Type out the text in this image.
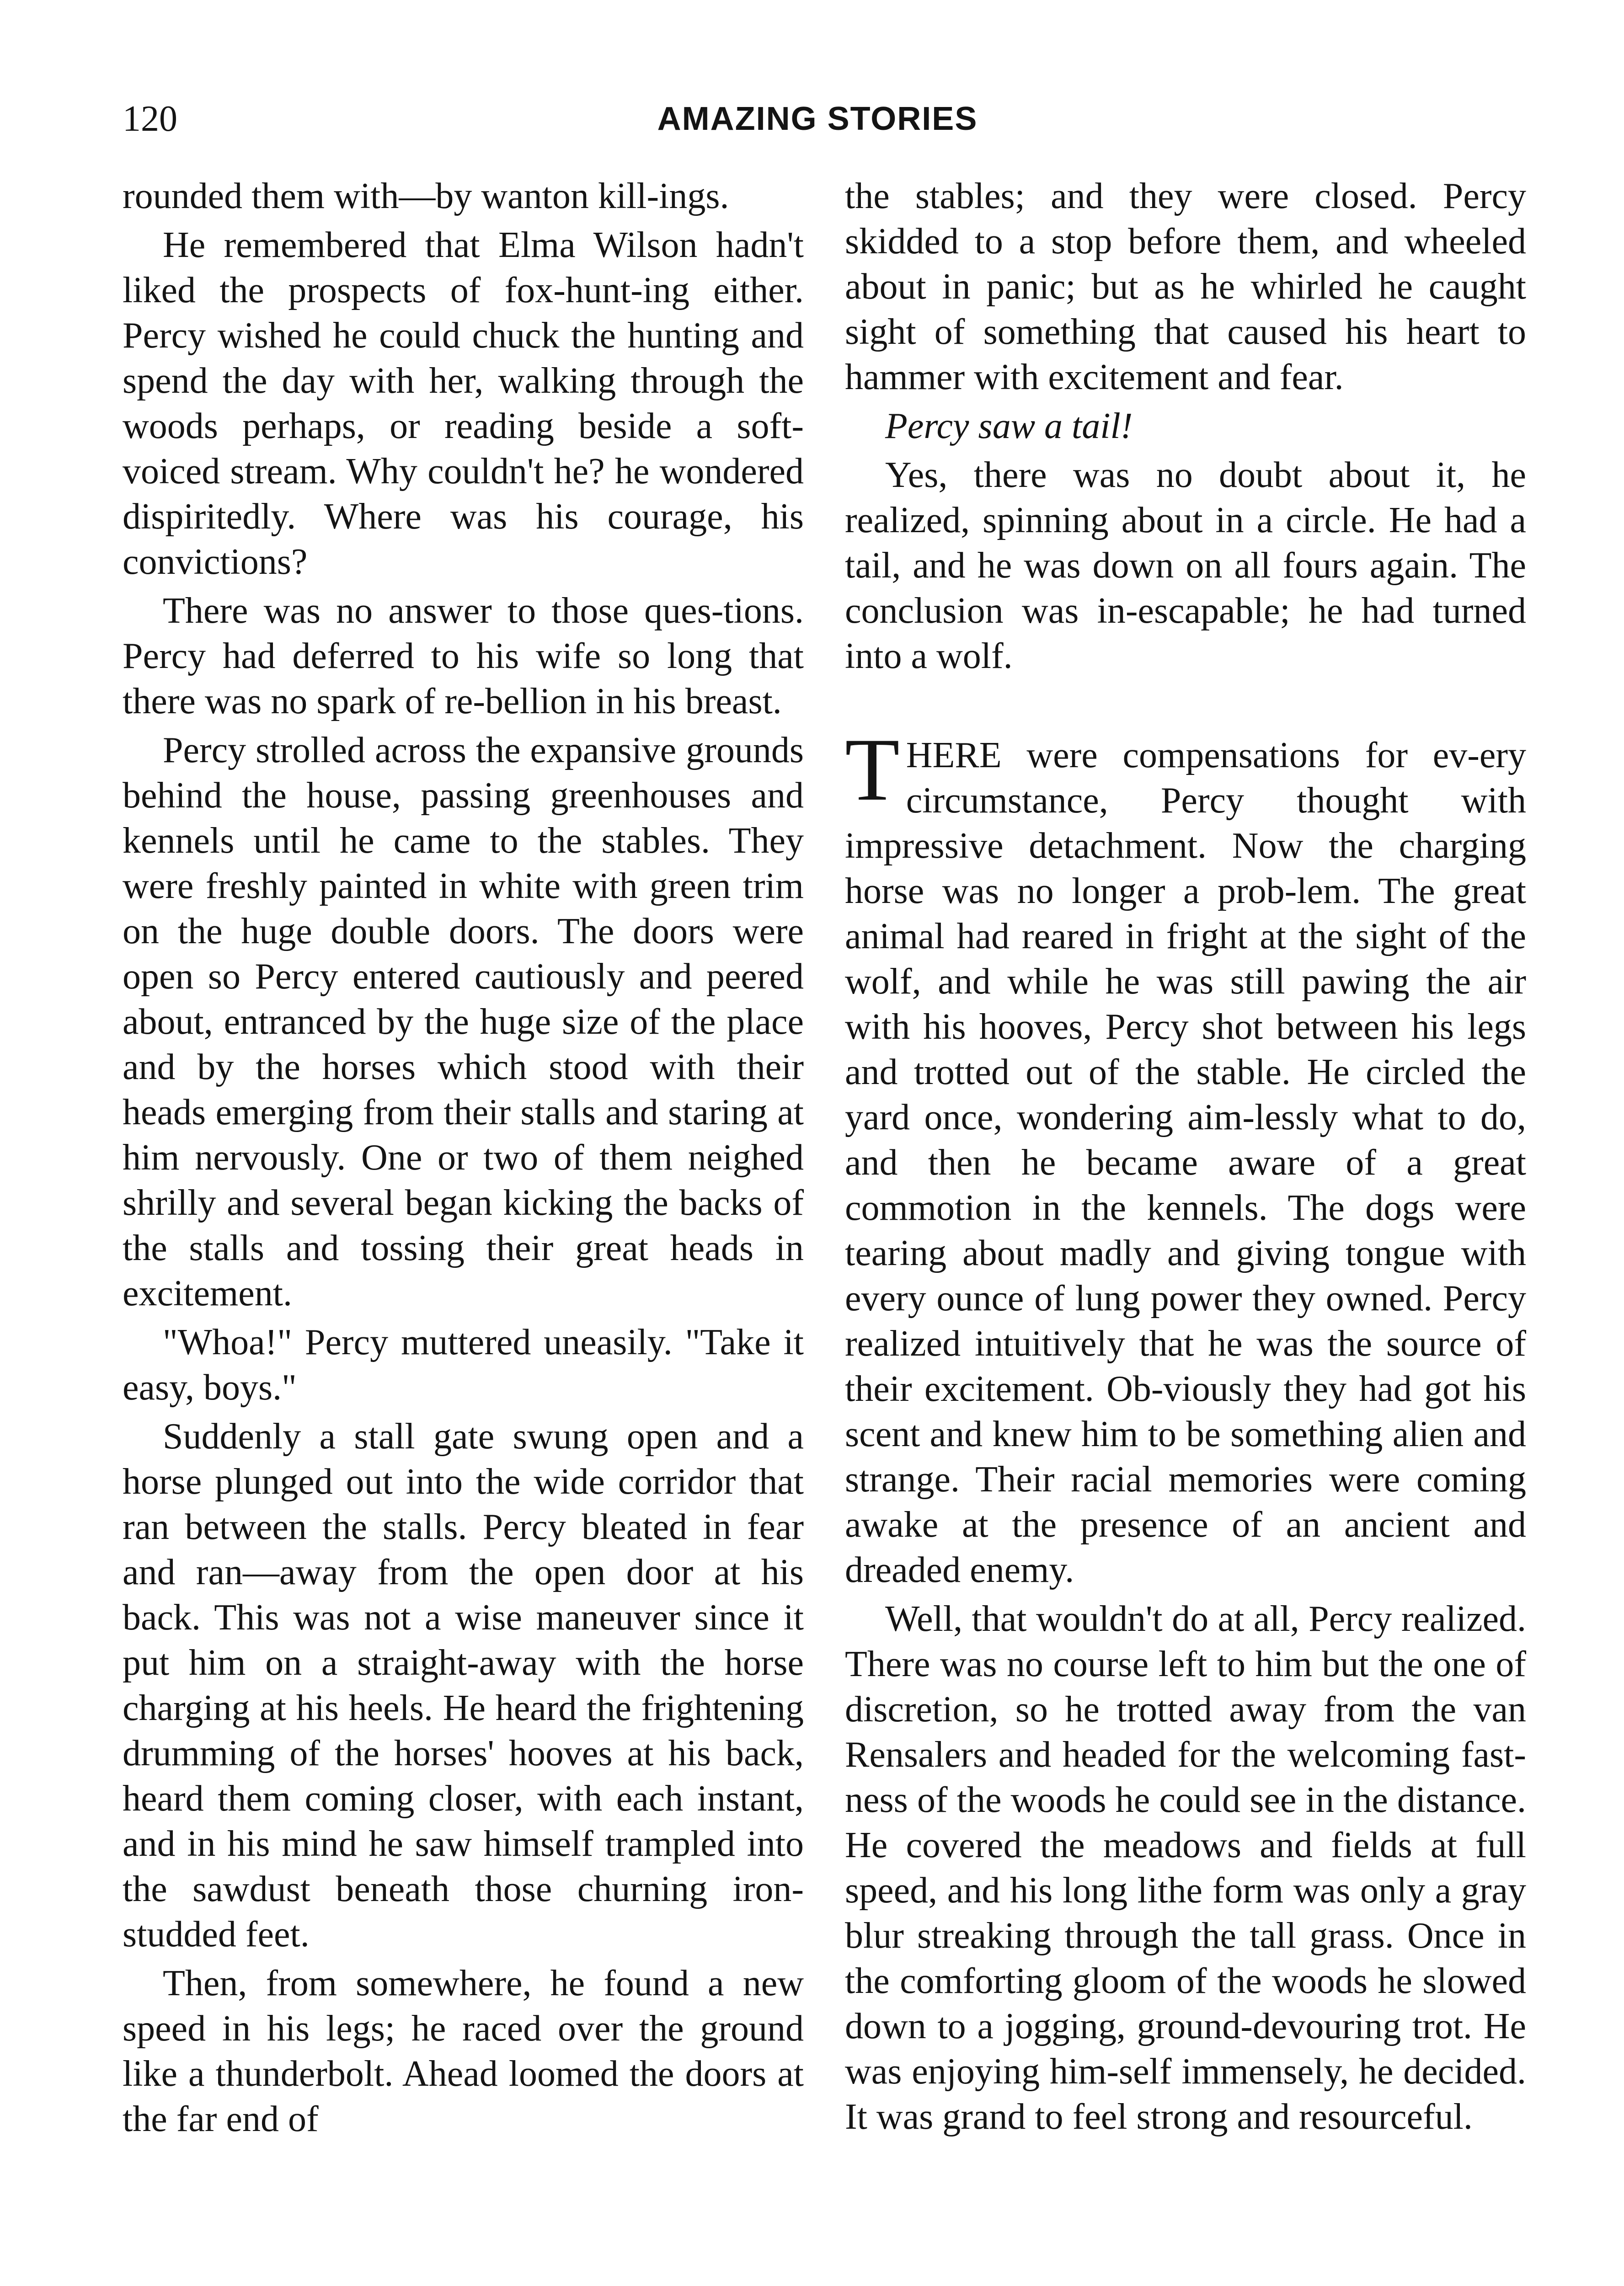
120	AMAZING STORIES

rounded them with—by wanton kill-ings.

He remembered that Elma Wilson hadn't liked the prospects of fox-hunt-ing either. Percy wished he could chuck the hunting and spend the day with her, walking through the woods perhaps, or reading beside a soft-voiced stream. Why couldn't he? he wondered dispiritedly. Where was his courage, his convictions?

There was no answer to those ques-tions. Percy had deferred to his wife so long that there was no spark of re-bellion in his breast.

Percy strolled across the expansive grounds behind the house, passing greenhouses and kennels until he came to the stables. They were freshly painted in white with green trim on the huge double doors. The doors were open so Percy entered cautiously and peered about, entranced by the huge size of the place and by the horses which stood with their heads emerging from their stalls and staring at him nervously. One or two of them neighed shrilly and several began kicking the backs of the stalls and tossing their great heads in excitement.

"Whoa!" Percy muttered uneasily. "Take it easy, boys."

Suddenly a stall gate swung open and a horse plunged out into the wide corridor that ran between the stalls. Percy bleated in fear and ran—away from the open door at his back. This was not a wise maneuver since it put him on a straight-away with the horse charging at his heels. He heard the frightening drumming of the horses' hooves at his back, heard them coming closer, with each instant, and in his mind he saw himself trampled into the sawdust beneath those churning iron-studded feet.

Then, from somewhere, he found a new speed in his legs; he raced over the ground like a thunderbolt. Ahead loomed the doors at the far end of

the stables; and they were closed. Percy skidded to a stop before them, and wheeled about in panic; but as he whirled he caught sight of something that caused his heart to hammer with excitement and fear.

Percy saw a tail!

Yes, there was no doubt about it, he realized, spinning about in a circle. He had a tail, and he was down on all fours again. The conclusion was in-escapable; he had turned into a wolf.

THERE were compensations for ev-ery circumstance, Percy thought with impressive detachment. Now the charging horse was no longer a prob-lem. The great animal had reared in fright at the sight of the wolf, and while he was still pawing the air with his hooves, Percy shot between his legs and trotted out of the stable. He circled the yard once, wondering aim-lessly what to do, and then he became aware of a great commotion in the kennels. The dogs were tearing about madly and giving tongue with every ounce of lung power they owned. Percy realized intuitively that he was the source of their excitement. Ob-viously they had got his scent and knew him to be something alien and strange. Their racial memories were coming awake at the presence of an ancient and dreaded enemy.

Well, that wouldn't do at all, Percy realized. There was no course left to him but the one of discretion, so he trotted away from the van Rensalers and headed for the welcoming fast-ness of the woods he could see in the distance. He covered the meadows and fields at full speed, and his long lithe form was only a gray blur streaking through the tall grass. Once in the comforting gloom of the woods he slowed down to a jogging, ground-devouring trot. He was enjoying him-self immensely, he decided. It was grand to feel strong and resourceful.
